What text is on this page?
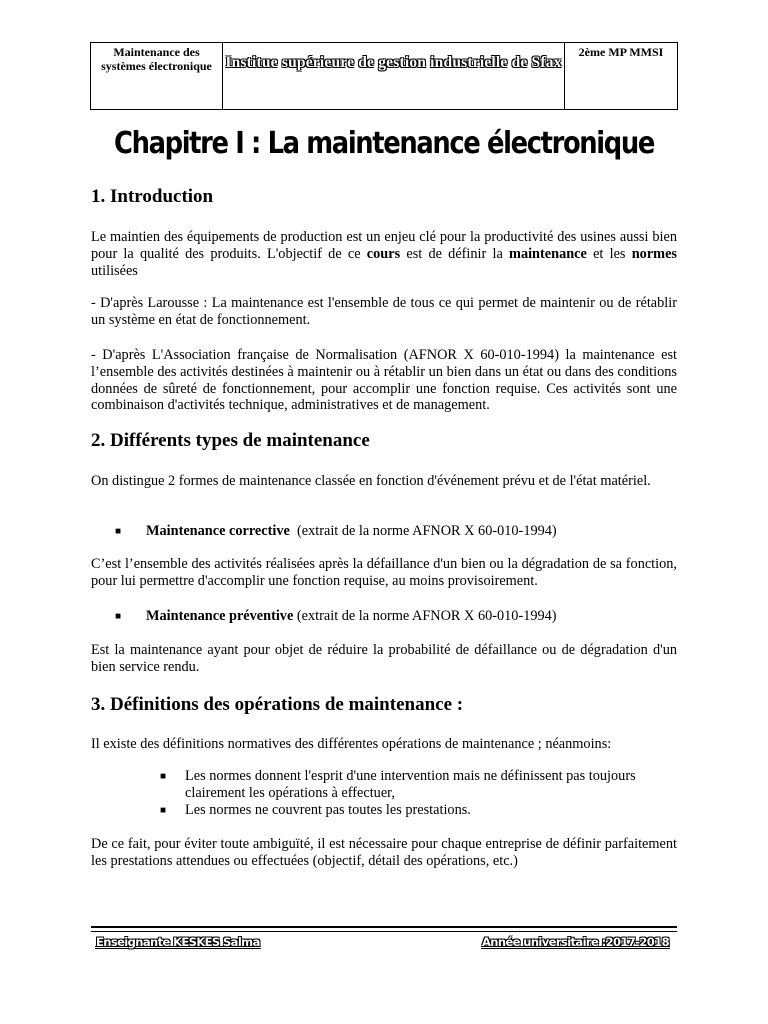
Maintenance des systèmes électronique Institue supérieure de gestion industrielle de Sfax
2ème MP MMSI
Chapitre I : La maintenance électronique
1. Introduction
Le maintien des équipements de production est un enjeu clé pour la productivité des usines aussi bien pour la qualité des produits. L'objectif de ce cours est de définir la maintenance et les normes utilisées
- D'après Larousse : La maintenance est l'ensemble de tous ce qui permet de maintenir ou de rétablir un système en état de fonctionnement.
- D'après L'Association française de Normalisation (AFNOR X 60-010-1994) la maintenance est l’ensemble des activités destinées à maintenir ou à rétablir un bien dans un état ou dans des conditions données de sûreté de fonctionnement, pour accomplir une fonction requise. Ces activités sont une combinaison d'activités technique, administratives et de management.
2. Différents types de maintenance
On distingue 2 formes de maintenance classée en fonction d'événement prévu et de l'état matériel.
■ Maintenance corrective  (extrait de la norme AFNOR X 60-010-1994)
C’est l’ensemble des activités réalisées après la défaillance d'un bien ou la dégradation de sa fonction, pour lui permettre d'accomplir une fonction requise, au moins provisoirement.
■ Maintenance préventive (extrait de la norme AFNOR X 60-010-1994)
Est la maintenance ayant pour objet de réduire la probabilité de défaillance ou de dégradation d'un bien service rendu.
3. Définitions des opérations de maintenance :
Il existe des définitions normatives des différentes opérations de maintenance ; néanmoins:
■ Les normes donnent l'esprit d'une intervention mais ne définissent pas toujours clairement les opérations à effectuer,
■ Les normes ne couvrent pas toutes les prestations.
De ce fait, pour éviter toute ambiguïté, il est nécessaire pour chaque entreprise de définir parfaitement les prestations attendues ou effectuées (objectif, détail des opérations, etc.)
Enseignante KESKES Salma	Année universitaire :2017-2018
